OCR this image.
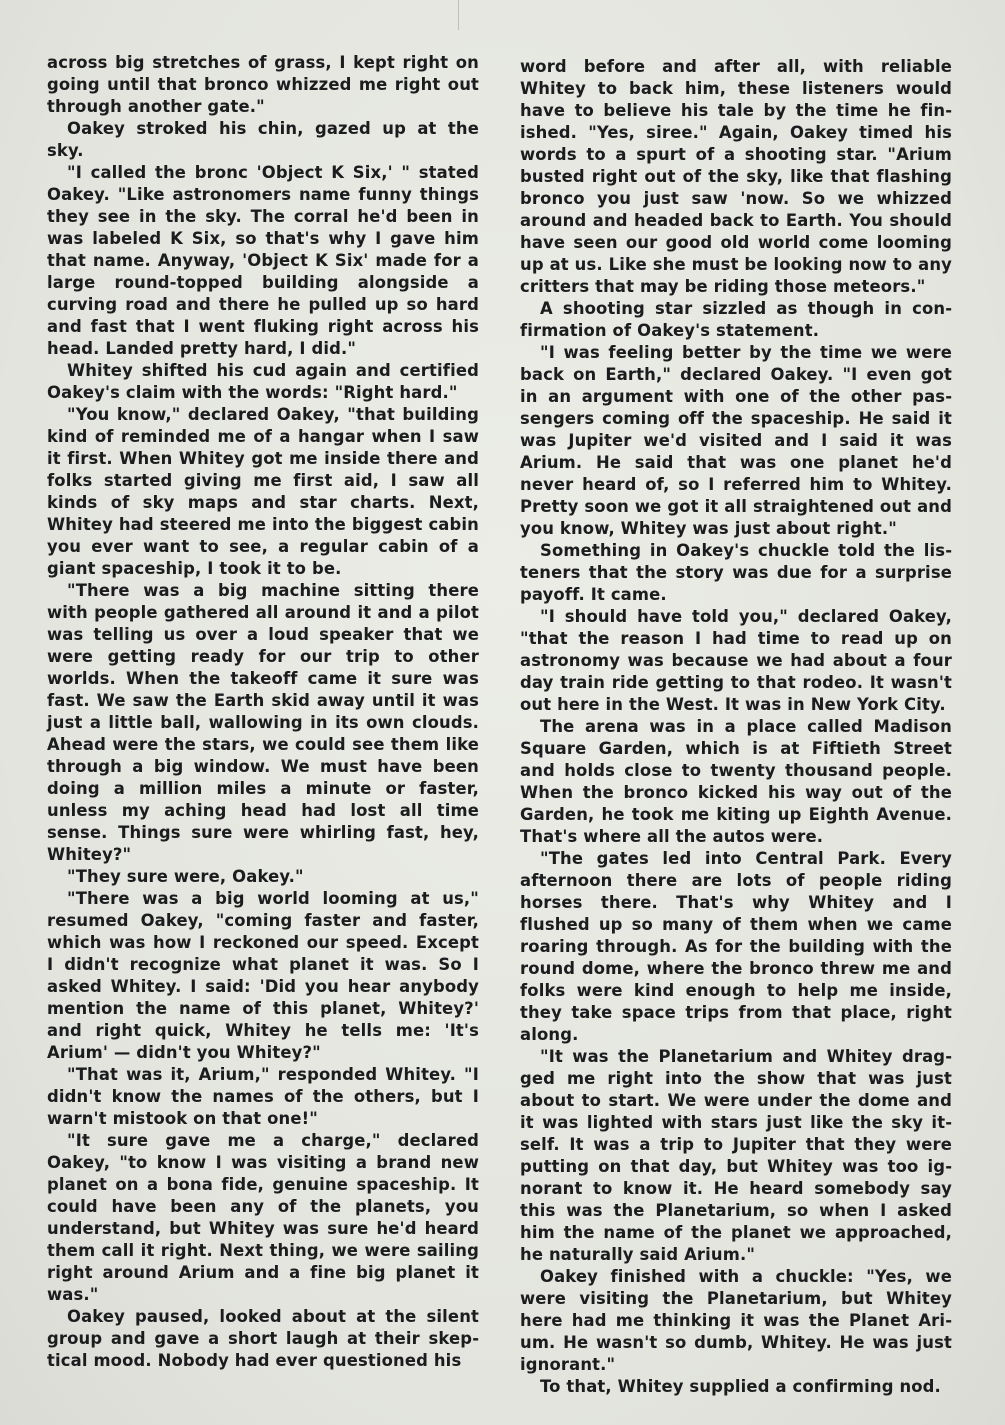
across big stretches of grass, I kept right on going until that bronco whizzed me right out through another gate."

Oakey stroked his chin, gazed up at the sky.

"I called the bronc 'Object K Six,' " stated Oakey. "Like astronomers name funny things they see in the sky. The corral he'd been in was labeled K Six, so that's why I gave him that name. Anyway, 'Object K Six' made for a large round-topped building alongside a curving road and there he pulled up so hard and fast that I went fluking right across his head. Landed pretty hard, I did."

Whitey shifted his cud again and certified Oakey's claim with the words: "Right hard."

"You know," declared Oakey, "that building kind of reminded me of a hangar when I saw it first. When Whitey got me inside there and folks started giving me first aid, I saw all kinds of sky maps and star charts. Next, Whitey had steered me into the biggest cabin you ever want to see, a regular cabin of a giant spaceship, I took it to be.

"There was a big machine sitting there with people gathered all around it and a pilot was telling us over a loud speaker that we were getting ready for our trip to other worlds. When the takeoff came it sure was fast. We saw the Earth skid away until it was just a little ball, wallowing in its own clouds. Ahead were the stars, we could see them like through a big window. We must have been doing a million miles a minute or faster, unless my aching head had lost all time sense. Things sure were whirling fast, hey, Whitey?"

"They sure were, Oakey."

"There was a big world looming at us," resumed Oakey, "coming faster and faster, which was how I reckoned our speed. Except I didn't recognize what planet it was. So I asked Whitey. I said: 'Did you hear anybody mention the name of this planet, Whitey?' and right quick, Whitey he tells me: 'It's Arium' — didn't you Whitey?"

"That was it, Arium," responded Whitey. "I didn't know the names of the others, but I warn't mistook on that one!"

"It sure gave me a charge," declared Oakey, "to know I was visiting a brand new planet on a bona fide, genuine spaceship. It could have been any of the planets, you understand, but Whitey was sure he'd heard them call it right. Next thing, we were sailing right around Arium and a fine big planet it was."

Oakey paused, looked about at the silent group and gave a short laugh at their skeptical mood. Nobody had ever questioned his

word before and after all, with reliable Whitey to back him, these listeners would have to believe his tale by the time he finished. "Yes, siree." Again, Oakey timed his words to a spurt of a shooting star. "Arium busted right out of the sky, like that flashing bronco you just saw 'now. So we whizzed around and headed back to Earth. You should have seen our good old world come looming up at us. Like she must be looking now to any critters that may be riding those meteors."

A shooting star sizzled as though in confirmation of Oakey's statement.

"I was feeling better by the time we were back on Earth," declared Oakey. "I even got in an argument with one of the other passengers coming off the spaceship. He said it was Jupiter we'd visited and I said it was Arium. He said that was one planet he'd never heard of, so I referred him to Whitey. Pretty soon we got it all straightened out and you know, Whitey was just about right."

Something in Oakey's chuckle told the listeners that the story was due for a surprise payoff. It came.

"I should have told you," declared Oakey, "that the reason I had time to read up on astronomy was because we had about a four day train ride getting to that rodeo. It wasn't out here in the West. It was in New York City.

The arena was in a place called Madison Square Garden, which is at Fiftieth Street and holds close to twenty thousand people. When the bronco kicked his way out of the Garden, he took me kiting up Eighth Avenue. That's where all the autos were.

"The gates led into Central Park. Every afternoon there are lots of people riding horses there. That's why Whitey and I flushed up so many of them when we came roaring through. As for the building with the round dome, where the bronco threw me and folks were kind enough to help me inside, they take space trips from that place, right along.

"It was the Planetarium and Whitey dragged me right into the show that was just about to start. We were under the dome and it was lighted with stars just like the sky itself. It was a trip to Jupiter that they were putting on that day, but Whitey was too ignorant to know it. He heard somebody say this was the Planetarium, so when I asked him the name of the planet we approached, he naturally said Arium."

Oakey finished with a chuckle: "Yes, we were visiting the Planetarium, but Whitey here had me thinking it was the Planet Arium. He wasn't so dumb, Whitey. He was just ignorant."

To that, Whitey supplied a confirming nod.
